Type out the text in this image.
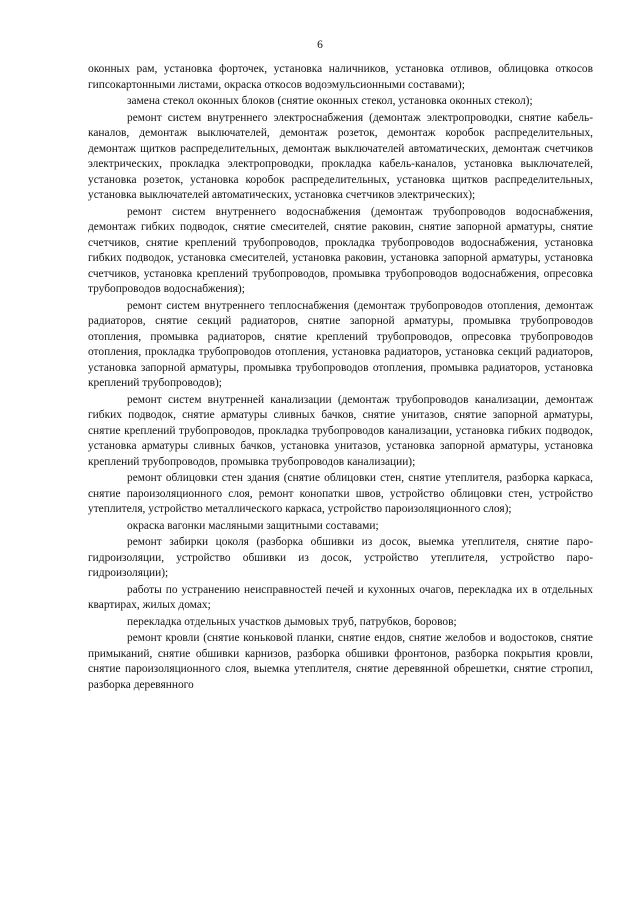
6

оконных рам, установка форточек, установка наличников, установка отливов, облицовка откосов гипсокартонными листами, окраска откосов водоэмульсионными составами);

замена стекол оконных блоков (снятие оконных стекол, установка оконных стекол);

ремонт систем внутреннего электроснабжения (демонтаж электропроводки, снятие кабель-каналов, демонтаж выключателей, демонтаж розеток, демонтаж коробок распределительных, демонтаж щитков распределительных, демонтаж выключателей автоматических, демонтаж счетчиков электрических, прокладка электропроводки, прокладка кабель-каналов, установка выключателей, установка розеток, установка коробок распределительных, установка щитков распределительных, установка выключателей автоматических, установка счетчиков электрических);

ремонт систем внутреннего водоснабжения (демонтаж трубопроводов водоснабжения, демонтаж гибких подводок, снятие смесителей, снятие раковин, снятие запорной арматуры, снятие счетчиков, снятие креплений трубопроводов, прокладка трубопроводов водоснабжения, установка гибких подводок, установка смесителей, установка раковин, установка запорной арматуры, установка счетчиков, установка креплений трубопроводов, промывка трубопроводов водоснабжения, опресовка трубопроводов водоснабжения);

ремонт систем внутреннего теплоснабжения (демонтаж трубопроводов отопления, демонтаж радиаторов, снятие секций радиаторов, снятие запорной арматуры, промывка трубопроводов отопления, промывка радиаторов, снятие креплений трубопроводов, опресовка трубопроводов отопления, прокладка трубопроводов отопления, установка радиаторов, установка секций радиаторов, установка запорной арматуры, промывка трубопроводов отопления, промывка радиаторов, установка креплений трубопроводов);

ремонт систем внутренней канализации (демонтаж трубопроводов канализации, демонтаж гибких подводок, снятие арматуры сливных бачков, снятие унитазов, снятие запорной арматуры, снятие креплений трубопроводов, прокладка трубопроводов канализации, установка гибких подводок, установка арматуры сливных бачков, установка унитазов, установка запорной арматуры, установка креплений трубопроводов, промывка трубопроводов канализации);

ремонт облицовки стен здания (снятие облицовки стен, снятие утеплителя, разборка каркаса, снятие пароизоляционного слоя, ремонт конопатки швов, устройство облицовки стен, устройство утеплителя, устройство металлического каркаса, устройство пароизоляционного слоя);

окраска вагонки масляными защитными составами;

ремонт забирки цоколя (разборка обшивки из досок, выемка утеплителя, снятие паро-гидроизоляции, устройство обшивки из досок, устройство утеплителя, устройство паро-гидроизоляции);

работы по устранению неисправностей печей и кухонных очагов, перекладка их в отдельных квартирах, жилых домах;

перекладка отдельных участков дымовых труб, патрубков, боровов;

ремонт кровли (снятие коньковой планки, снятие ендов, снятие желобов и водостоков, снятие примыканий, снятие обшивки карнизов, разборка обшивки фронтонов, разборка покрытия кровли, снятие пароизоляционного слоя, выемка утеплителя, снятие деревянной обрешетки, снятие стропил, разборка деревянного
